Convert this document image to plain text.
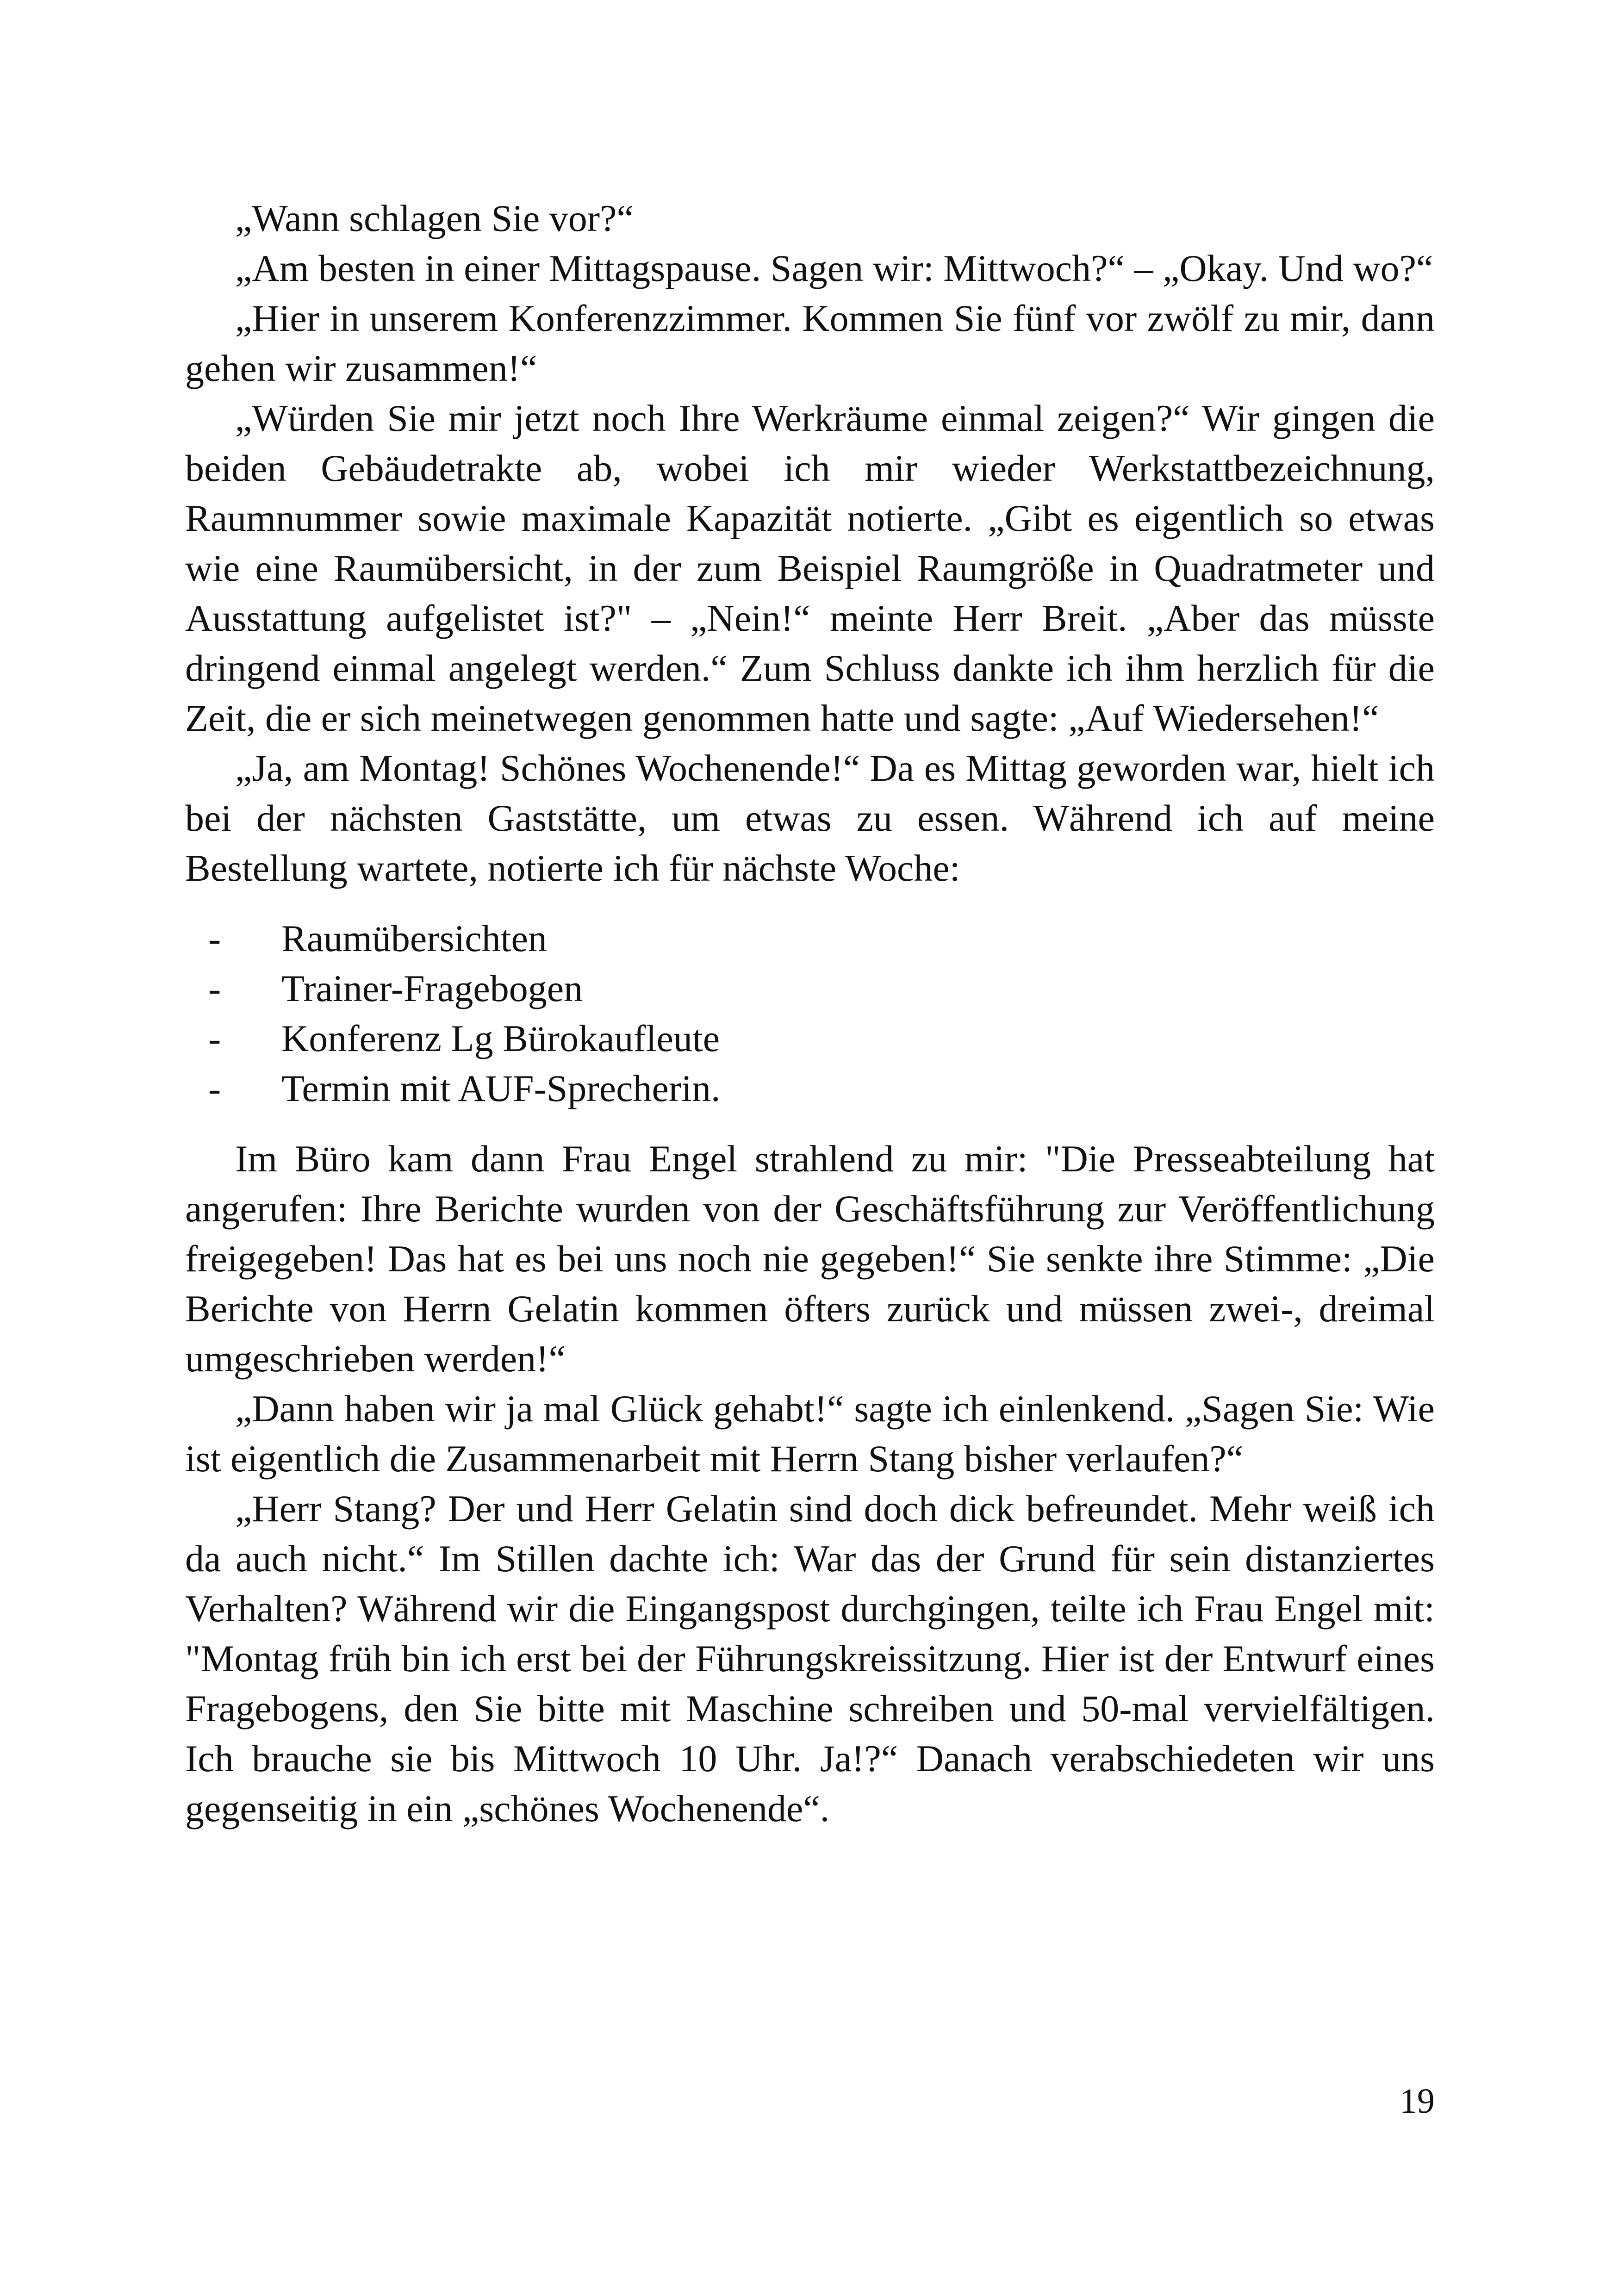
„Wann schlagen Sie vor?“

„Am besten in einer Mittagspause. Sagen wir: Mittwoch?“ – „Okay. Und wo?“

„Hier in unserem Konferenzzimmer. Kommen Sie fünf vor zwölf zu mir, dann gehen wir zusammen!“

„Würden Sie mir jetzt noch Ihre Werkräume einmal zeigen?“ Wir gingen die beiden Gebäudetrakte ab, wobei ich mir wieder Werkstattbezeichnung, Raumnummer sowie maximale Kapazität notierte. „Gibt es eigentlich so etwas wie eine Raumübersicht, in der zum Beispiel Raumgröße in Quadratmeter und Ausstattung aufgelistet ist?" – „Nein!“ meinte Herr Breit. „Aber das müsste dringend einmal angelegt werden.“ Zum Schluss dankte ich ihm herzlich für die Zeit, die er sich meinetwegen genommen hatte und sagte: „Auf Wiedersehen!“

„Ja, am Montag! Schönes Wochenende!“ Da es Mittag geworden war, hielt ich bei der nächsten Gaststätte, um etwas zu essen. Während ich auf meine Bestellung wartete, notierte ich für nächste Woche:

-	Raumübersichten
-	Trainer-Fragebogen
-	Konferenz Lg Bürokaufleute
-	Termin mit AUF-Sprecherin.

Im Büro kam dann Frau Engel strahlend zu mir: "Die Presseabteilung hat angerufen: Ihre Berichte wurden von der Geschäftsführung zur Veröffentlichung freigegeben! Das hat es bei uns noch nie gegeben!“ Sie senkte ihre Stimme: „Die Berichte von Herrn Gelatin kommen öfters zurück und müssen zwei-, dreimal umgeschrieben werden!“

„Dann haben wir ja mal Glück gehabt!“ sagte ich einlenkend. „Sagen Sie: Wie ist eigentlich die Zusammenarbeit mit Herrn Stang bisher verlaufen?“

„Herr Stang? Der und Herr Gelatin sind doch dick befreundet. Mehr weiß ich da auch nicht.“ Im Stillen dachte ich: War das der Grund für sein distanziertes Verhalten? Während wir die Eingangspost durchgingen, teilte ich Frau Engel mit: "Montag früh bin ich erst bei der Führungskreissitzung. Hier ist der Entwurf eines Fragebogens, den Sie bitte mit Maschine schreiben und 50-mal vervielfältigen. Ich brauche sie bis Mittwoch 10 Uhr. Ja!?“ Danach verabschiedeten wir uns gegenseitig in ein „schönes Wochenende“.

19
